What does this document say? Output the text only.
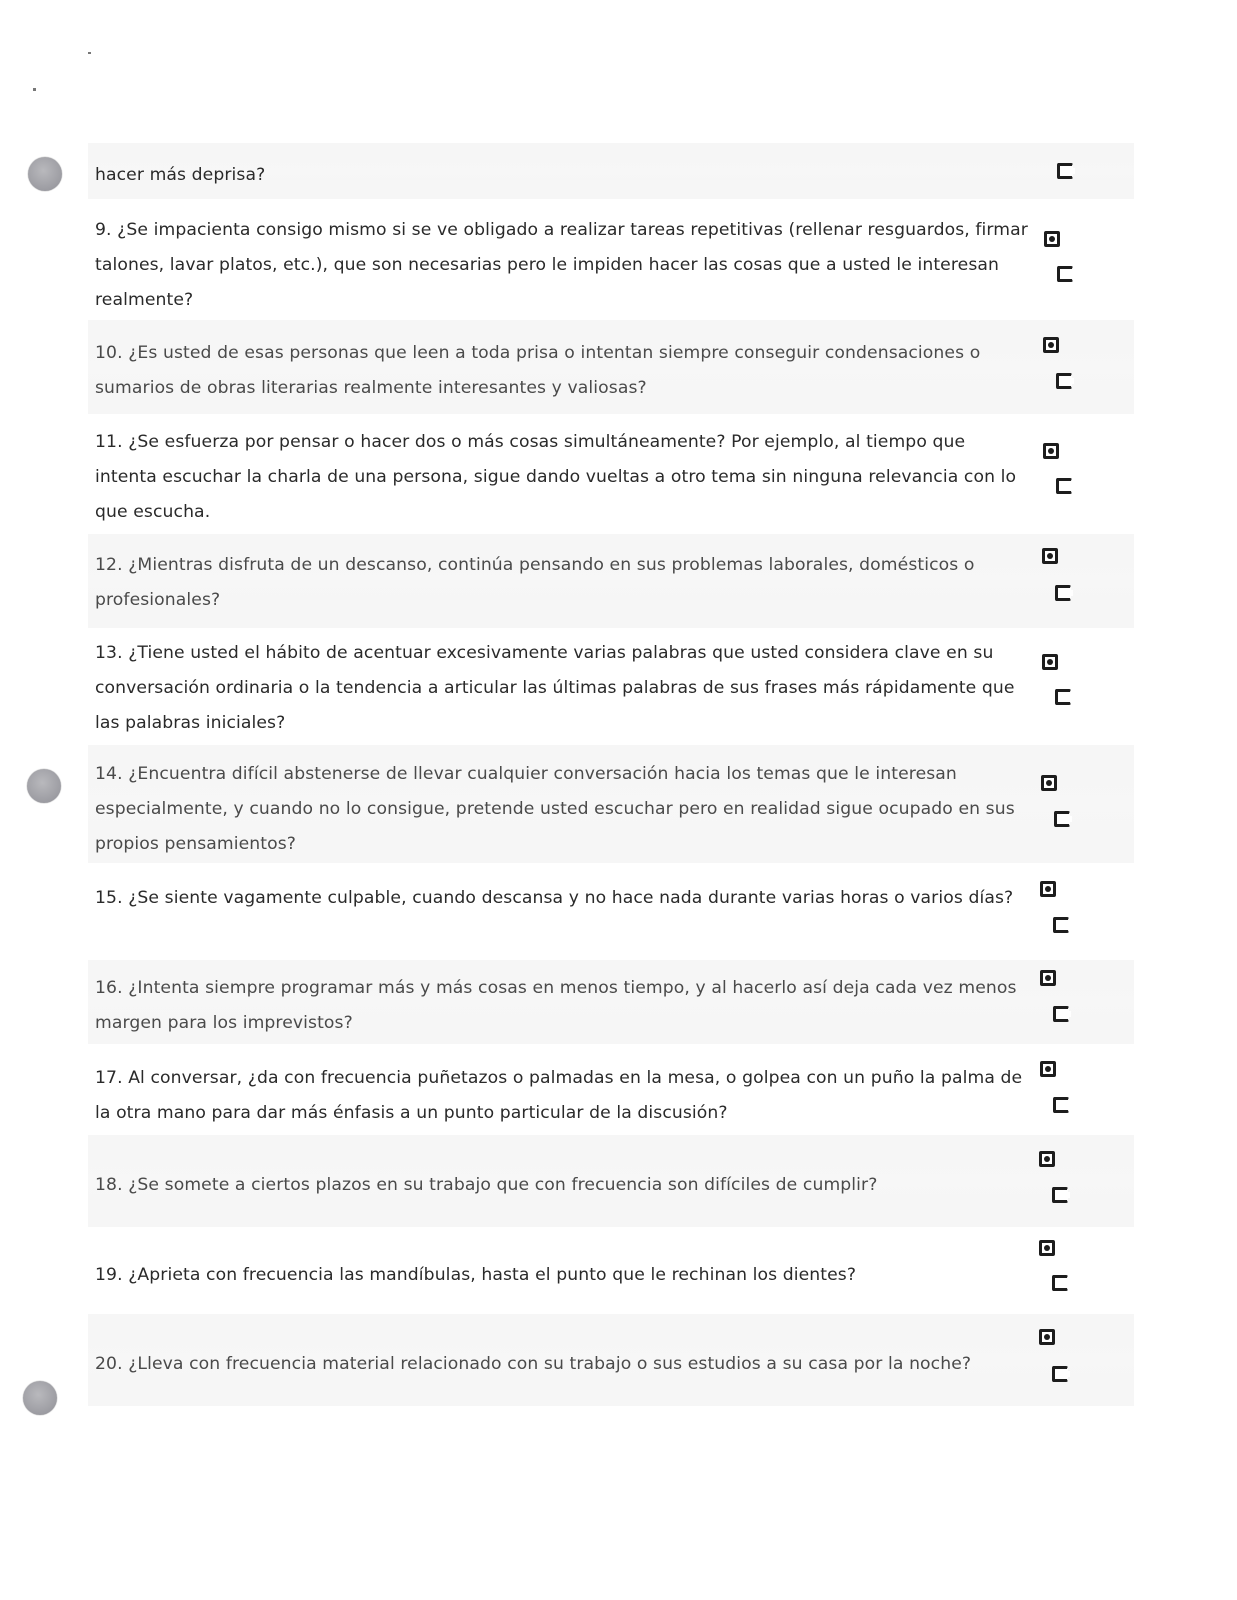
hacer más deprisa?
9. ¿Se impacienta consigo mismo si se ve obligado a realizar tareas repetitivas (rellenar resguardos, firmar talones, lavar platos, etc.), que son necesarias pero le impiden hacer las cosas que a usted le interesan realmente?
10. ¿Es usted de esas personas que leen a toda prisa o intentan siempre conseguir condensaciones o sumarios de obras literarias realmente interesantes y valiosas?
11. ¿Se esfuerza por pensar o hacer dos o más cosas simultáneamente? Por ejemplo, al tiempo que intenta escuchar la charla de una persona, sigue dando vueltas a otro tema sin ninguna relevancia con lo que escucha.
12. ¿Mientras disfruta de un descanso, continúa pensando en sus problemas laborales, domésticos o profesionales?
13. ¿Tiene usted el hábito de acentuar excesivamente varias palabras que usted considera clave en su conversación ordinaria o la tendencia a articular las últimas palabras de sus frases más rápidamente que las palabras iniciales?
14. ¿Encuentra difícil abstenerse de llevar cualquier conversación hacia los temas que le interesan especialmente, y cuando no lo consigue, pretende usted escuchar pero en realidad sigue ocupado en sus propios pensamientos?
15. ¿Se siente vagamente culpable, cuando descansa y no hace nada durante varias horas o varios días?
16. ¿Intenta siempre programar más y más cosas en menos tiempo, y al hacerlo así deja cada vez menos margen para los imprevistos?
17. Al conversar, ¿da con frecuencia puñetazos o palmadas en la mesa, o golpea con un puño la palma de la otra mano para dar más énfasis a un punto particular de la discusión?
18. ¿Se somete a ciertos plazos en su trabajo que con frecuencia son difíciles de cumplir?
19. ¿Aprieta con frecuencia las mandíbulas, hasta el punto que le rechinan los dientes?
20. ¿Lleva con frecuencia material relacionado con su trabajo o sus estudios a su casa por la noche?
